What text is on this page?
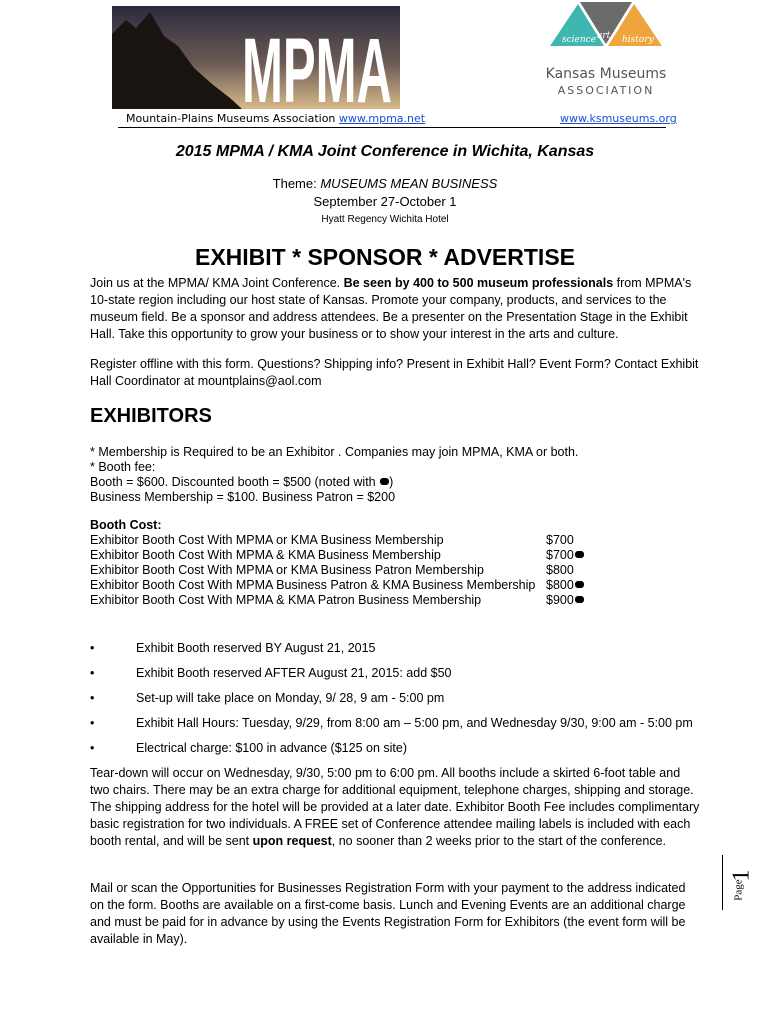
MPMA	science art history
Kansas Museums
ASSOCIATION
Mountain-Plains Museums Association www.mpma.net	www.ksmuseums.org
2015 MPMA / KMA Joint Conference in Wichita, Kansas
Theme: MUSEUMS MEAN BUSINESS
September 27-October 1
Hyatt Regency Wichita Hotel
EXHIBIT * SPONSOR * ADVERTISE
Join us at the MPMA/ KMA Joint Conference. Be seen by 400 to 500 museum professionals from MPMA's 10-state region including our host state of Kansas. Promote your company, products, and services to the museum field. Be a sponsor and address attendees. Be a presenter on the Presentation Stage in the Exhibit Hall. Take this opportunity to grow your business or to show your interest in the arts and culture.
Register offline with this form. Questions? Shipping info? Present in Exhibit Hall? Event Form? Contact Exhibit Hall Coordinator at mountplains@aol.com
EXHIBITORS
* Membership is Required to be an Exhibitor . Companies may join MPMA, KMA or both.
* Booth fee:
Booth = $600. Discounted booth = $500 (noted with )
Business Membership = $100. Business Patron = $200
Booth Cost:
Exhibitor Booth Cost With MPMA or KMA Business Membership	$700
Exhibitor Booth Cost With MPMA & KMA Business Membership	$700
Exhibitor Booth Cost With MPMA or KMA Business Patron Membership	$800
Exhibitor Booth Cost With MPMA Business Patron & KMA Business Membership $800
Exhibitor Booth Cost With MPMA & KMA Patron Business Membership	$900
•	Exhibit Booth reserved BY August 21, 2015
•	Exhibit Booth reserved AFTER August 21, 2015: add $50
•	Set-up will take place on Monday, 9/ 28, 9 am - 5:00 pm
•	Exhibit Hall Hours: Tuesday, 9/29, from 8:00 am – 5:00 pm, and Wednesday 9/30, 9:00 am - 5:00 pm
•	Electrical charge: $100 in advance ($125 on site)
Tear-down will occur on Wednesday, 9/30, 5:00 pm to 6:00 pm. All booths include a skirted 6-foot table and two chairs. There may be an extra charge for additional equipment, telephone charges, shipping and storage. The shipping address for the hotel will be provided at a later date. Exhibitor Booth Fee includes complimentary basic registration for two individuals. A FREE set of Conference attendee mailing labels is included with each booth rental, and will be sent upon request, no sooner than 2 weeks prior to the start of the conference.
Mail or scan the Opportunities for Businesses Registration Form with your payment to the address indicated on the form. Booths are available on a first-come basis. Lunch and Evening Events are an additional charge and must be paid for in advance by using the Events Registration Form for Exhibitors (the event form will be available in May).
1
Page
